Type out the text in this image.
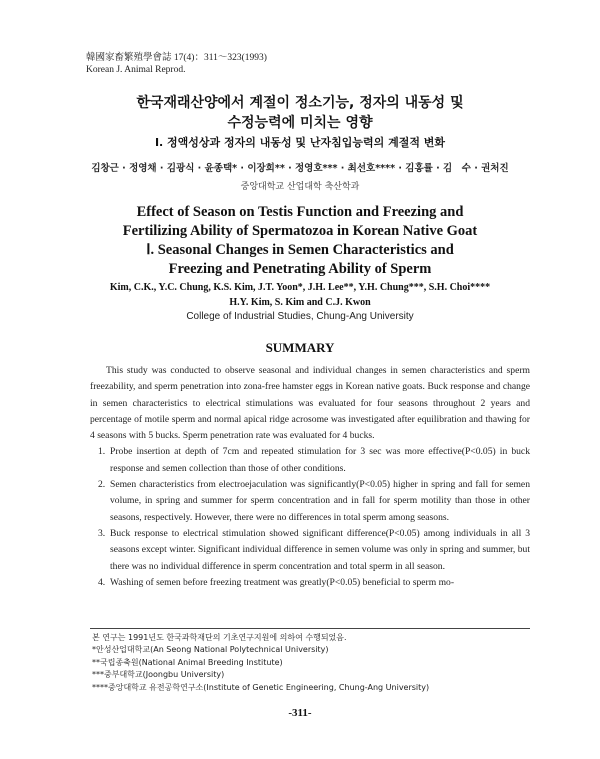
韓國家畜繁殖學會誌 17(4)：311～323(1993)
Korean J. Animal Reprod.
한국재래산양에서 계절이 정소기능, 정자의 내동성 및
수정능력에 미치는 영향
Ⅰ. 정액성상과 정자의 내동성 및 난자침입능력의 계절적 변화
김창근 · 정영채 · 김광식 · 윤종택* · 이장희** · 정영호*** · 최선호**** · 김홍률 · 김　수 · 권처진
중앙대학교 산업대학 축산학과
Effect of Season on Testis Function and Freezing and
Fertilizing Ability of Spermatozoa in Korean Native Goat
Ⅰ. Seasonal Changes in Semen Characteristics and
Freezing and Penetrating Ability of Sperm
Kim, C.K., Y.C. Chung, K.S. Kim, J.T. Yoon*, J.H. Lee**, Y.H. Chung***, S.H. Choi****
H.Y. Kim, S. Kim and C.J. Kwon
College of Industrial Studies, Chung-Ang University
SUMMARY

This study was conducted to observe seasonal and individual changes in semen characteristics and sperm freezability, and sperm penetration into zona-free hamster eggs in Korean native goats. Buck response and change in semen characteristics to electrical stimulations was evaluated for four seasons throughout 2 years and percentage of motile sperm and normal apical ridge acrosome was investigated after equilibration and thawing for 4 seasons with 5 bucks. Sperm penetration rate was evaluated for 4 bucks.

1. Probe insertion at depth of 7cm and repeated stimulation for 3 sec was more effective(P<0.05) in buck response and semen collection than those of other conditions.
2. Semen characteristics from electroejaculation was significantly(P<0.05) higher in spring and fall for semen volume, in spring and summer for sperm concentration and in fall for sperm motility than those in other seasons, respectively. However, there were no differences in total sperm among seasons.
3. Buck response to electrical stimulation showed significant difference(P<0.05) among individuals in all 3 seasons except winter. Significant individual difference in semen volume was only in spring and summer, but there was no individual difference in sperm concentration and total sperm in all season.
4. Washing of semen before freezing treatment was greatly(P<0.05) beneficial to sperm mo-
본 연구는 1991년도 한국과학재단의 기초연구지원에 의하여 수행되었음.
*안성산업대학교(An Seong National Polytechnical University)
**국립종축원(National Animal Breeding Institute)
***중부대학교(Joongbu University)
****중앙대학교 유전공학연구소(Institute of Genetic Engineering, Chung-Ang University)
-311-
